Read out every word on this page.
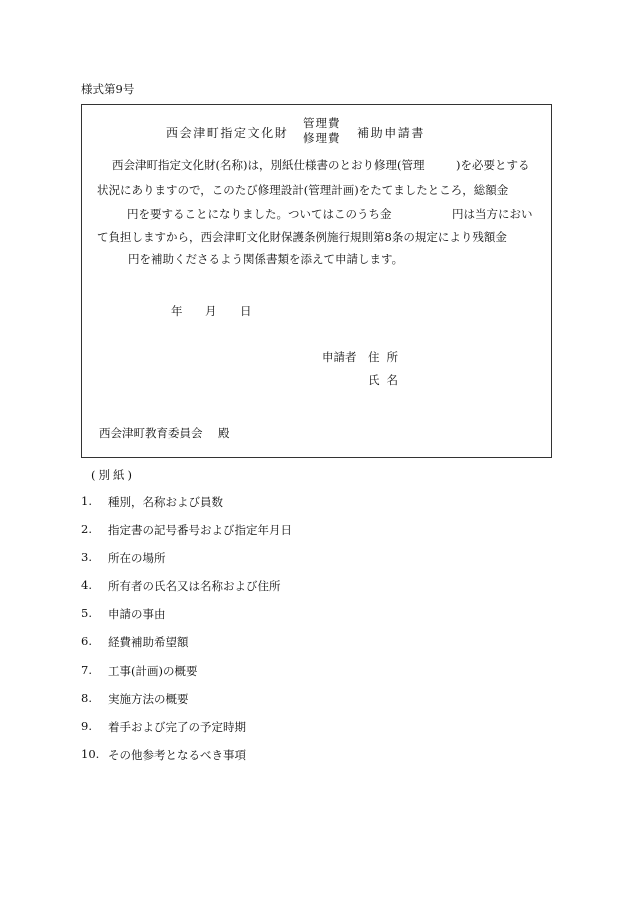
様式第9号
西会津町指定文化財
管理費
修理費 補助申請書
西会津町指定文化財(名称)は，別紙仕様書のとおり修理(管理	)を必要とする
状況にありますので，このたび修理設計(管理計画)をたてましたところ，総額金
円を要することになりました。ついてはこのうち金	円は当方におい
て負担しますから，西会津町文化財保護条例施行規則第8条の規定により残額金
円を補助くださるよう関係書類を添えて申請します。
年 月 日
申請者 住所
氏名
西会津町教育委員会 殿
(別紙)
1. 種別，名称および員数
2. 指定書の記号番号および指定年月日
3. 所在の場所
4. 所有者の氏名又は名称および住所
5. 申請の事由
6. 経費補助希望額
7. 工事(計画)の概要
8. 実施方法の概要
9. 着手および完了の予定時期
10. その他参考となるべき事項
